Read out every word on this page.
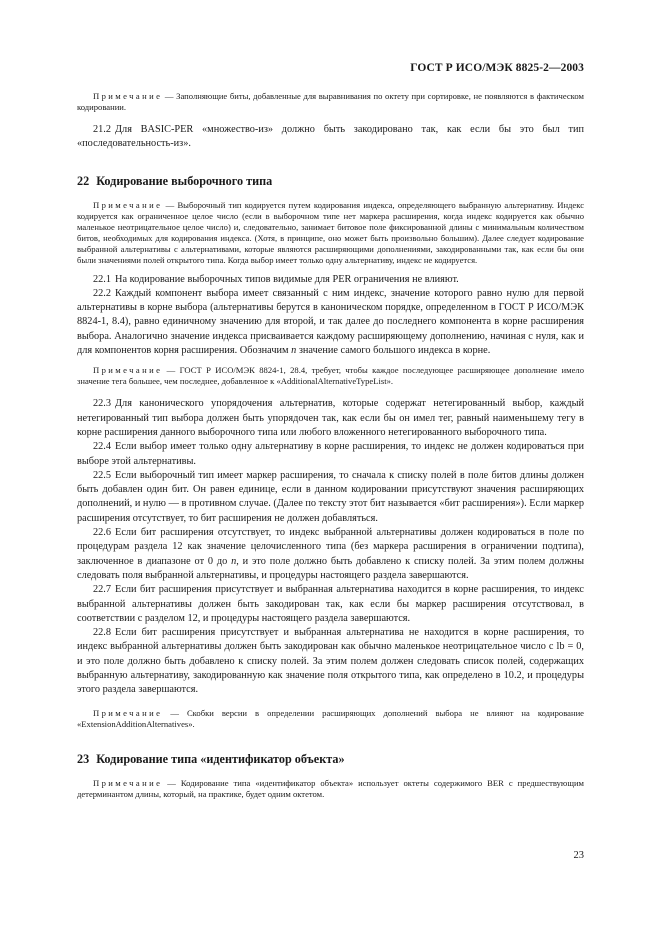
ГОСТ Р ИСО/МЭК 8825-2—2003

Примечание — Заполняющие биты, добавленные для выравнивания по октету при сортировке, не появляются в фактическом кодировании.

21.2 Для BASIC-PER «множество-из» должно быть закодировано так, как если бы это был тип «последовательность-из».

22 Кодирование выборочного типа

Примечание — Выборочный тип кодируется путем кодирования индекса, определяющего выбранную альтернативу. Индекс кодируется как ограниченное целое число (если в выборочном типе нет маркера расширения, когда индекс кодируется как обычно маленькое неотрицательное целое число) и, следовательно, занимает битовое поле фиксированной длины с минимальным количеством битов, необходимых для кодирования индекса. (Хотя, в принципе, оно может быть произвольно большим). Далее следует кодирование выбранной альтернативы с альтернативами, которые являются расширяющими дополнениями, закодированными так, как если бы они были значениями полей открытого типа. Когда выбор имеет только одну альтернативу, индекс не кодируется.

22.1 На кодирование выборочных типов видимые для PER ограничения не влияют.

22.2 Каждый компонент выбора имеет связанный с ним индекс, значение которого равно нулю для первой альтернативы в корне выбора (альтернативы берутся в каноническом порядке, определенном в ГОСТ Р ИСО/МЭК 8824-1, 8.4), равно единичному значению для второй, и так далее до последнего компонента в корне расширения выбора. Аналогично значение индекса присваивается каждому расширяющему дополнению, начиная с нуля, как и для компонентов корня расширения. Обозначим n значение самого большого индекса в корне.

Примечание — ГОСТ Р ИСО/МЭК 8824-1, 28.4, требует, чтобы каждое последующее расширяющее дополнение имело значение тега большее, чем последнее, добавленное к «AdditionalAlternativeTypeList».

22.3 Для канонического упорядочения альтернатив, которые содержат нетегированный выбор, каждый нетегированный тип выбора должен быть упорядочен так, как если бы он имел тег, равный наименьшему тегу в корне расширения данного выборочного типа или любого вложенного нетегированного выборочного типа.

22.4 Если выбор имеет только одну альтернативу в корне расширения, то индекс не должен кодироваться при выборе этой альтернативы.

22.5 Если выборочный тип имеет маркер расширения, то сначала к списку полей в поле битов длины должен быть добавлен один бит. Он равен единице, если в данном кодировании присутствуют значения расширяющих дополнений, и нулю — в противном случае. (Далее по тексту этот бит называется «бит расширения»). Если маркер расширения отсутствует, то бит расширения не должен добавляться.

22.6 Если бит расширения отсутствует, то индекс выбранной альтернативы должен кодироваться в поле по процедурам раздела 12 как значение целочисленного типа (без маркера расширения в ограничении подтипа), заключенное в диапазоне от 0 до n, и это поле должно быть добавлено к списку полей. За этим полем должны следовать поля выбранной альтернативы, и процедуры настоящего раздела завершаются.

22.7 Если бит расширения присутствует и выбранная альтернатива находится в корне расширения, то индекс выбранной альтернативы должен быть закодирован так, как если бы маркер расширения отсутствовал, в соответствии с разделом 12, и процедуры настоящего раздела завершаются.

22.8 Если бит расширения присутствует и выбранная альтернатива не находится в корне расширения, то индекс выбранной альтернативы должен быть закодирован как обычно маленькое неотрицательное число с lb = 0, и это поле должно быть добавлено к списку полей. За этим полем должен следовать список полей, содержащих выбранную альтернативу, закодированную как значение поля открытого типа, как определено в 10.2, и процедуры этого раздела завершаются.

Примечание — Скобки версии в определении расширяющих дополнений выбора не влияют на кодирование «ExtensionAdditionAlternatives».

23 Кодирование типа «идентификатор объекта»

Примечание — Кодирование типа «идентификатор объекта» использует октеты содержимого BER с предшествующим детерминантом длины, который, на практике, будет одним октетом.

23
